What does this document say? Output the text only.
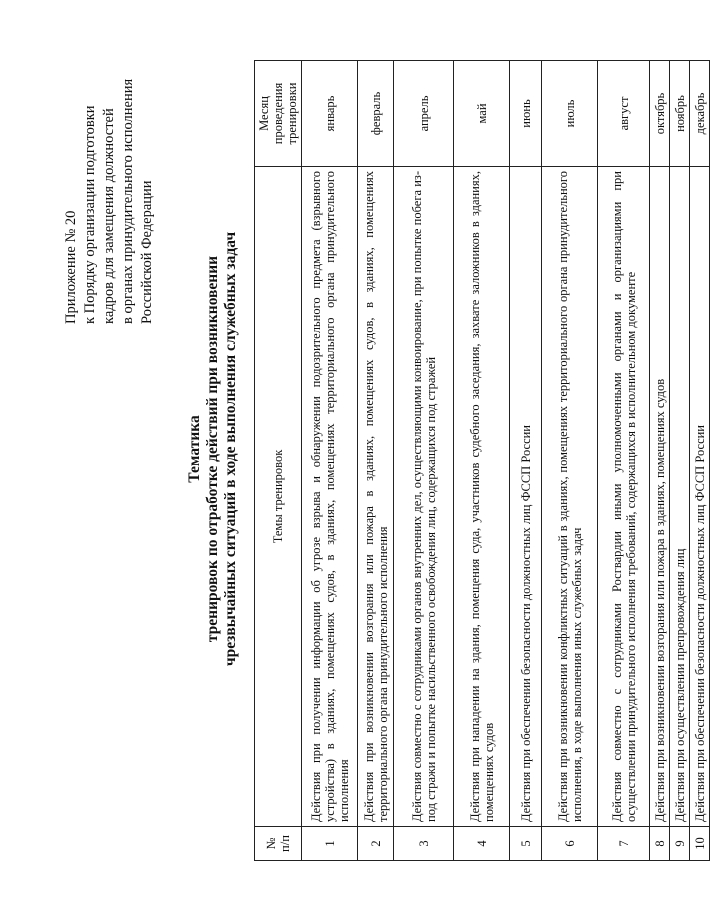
Приложение № 20 к Порядку организации подготовки кадров для замещения должностей в органах принудительного исполнения Российской Федерации
Тематика тренировок по отработке действий при возникновении чрезвычайных ситуаций в ходе выполнения служебных задач
№ п/п	Темы тренировок	Месяц проведения тренировки
1	Действия при получении информации об угрозе взрыва и обнаружении подозрительного предмета (взрывного устройства) в зданиях, помещениях судов, в зданиях, помещениях территориального органа принудительного исполнения	январь
2	Действия при возникновении возгорания или пожара в зданиях, помещениях судов, в зданиях, помещениях территориального органа принудительного исполнения	февраль
3	Действия совместно с сотрудниками органов внутренних дел, осуществляющими конвоирование, при попытке побега из-под стражи и попытке насильственного освобождения лиц, содержащихся под стражей	апрель
4	Действия при нападении на здания, помещения суда, участников судебного заседания, захвате заложников в зданиях, помещениях судов	май
5	Действия при обеспечении безопасности должностных лиц ФССП России	июнь
6	Действия при возникновении конфликтных ситуаций в зданиях, помещениях территориального органа принудительного исполнения, в ходе выполнения иных служебных задач	июль
7	Действия совместно с сотрудниками Росгвардии иными уполномоченными органами и организациями при осуществлении принудительного исполнения требований, содержащихся в исполнительном документе	август
8	Действия при возникновении возгорания или пожара в зданиях, помещениях судов	октябрь
9	Действия при осуществлении препровождения лиц	ноябрь
10	Действия при обеспечении безопасности должностных лиц ФССП России	декабрь
